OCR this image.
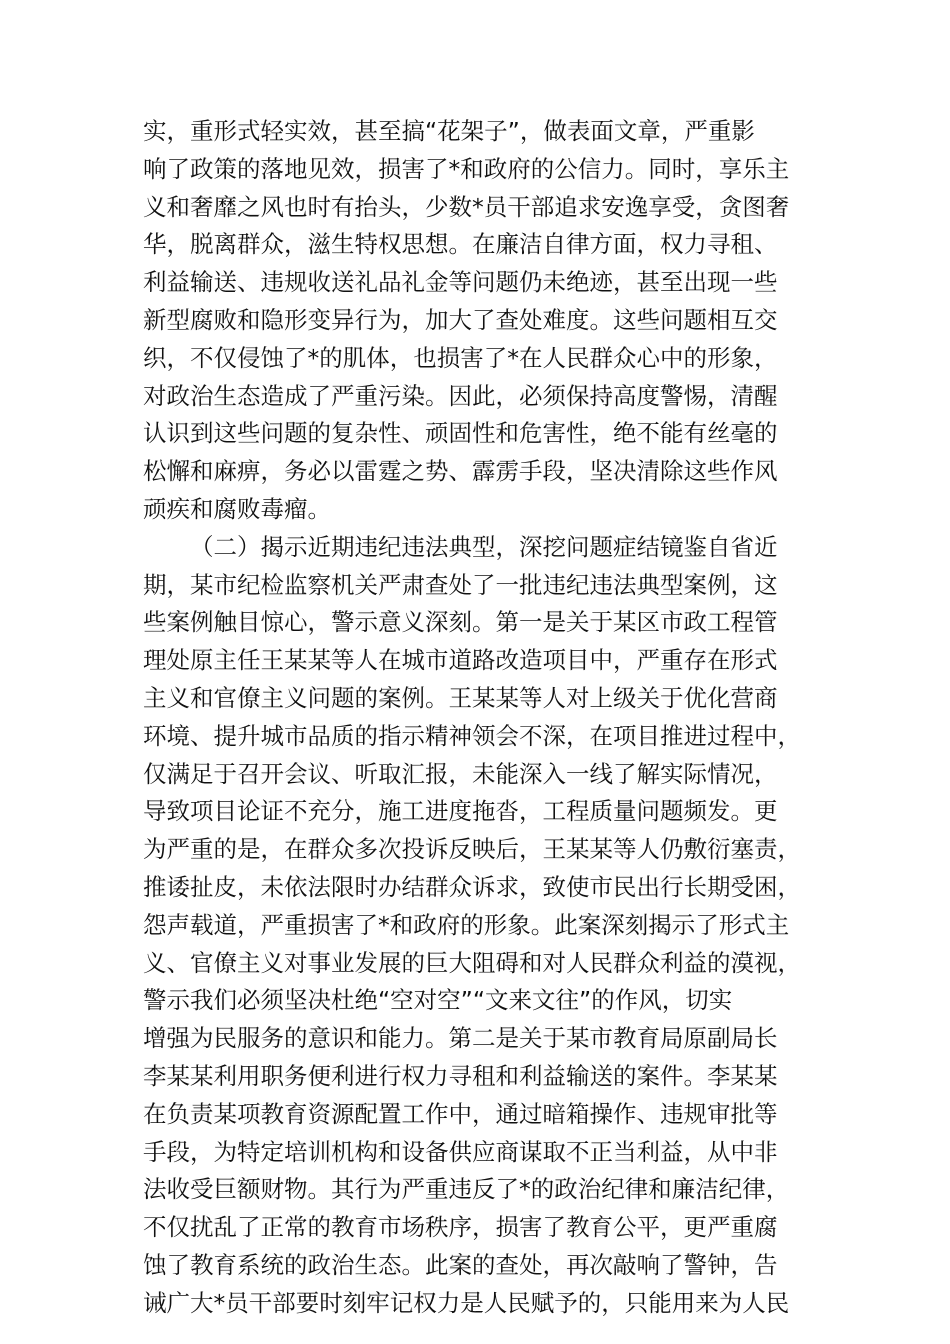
实，重形式轻实效，甚至搞“花架子”，做表面文章，严重影
响了政策的落地见效，损害了*和政府的公信力。同时，享乐主
义和奢靡之风也时有抬头，少数*员干部追求安逸享受，贪图奢
华，脱离群众，滋生特权思想。在廉洁自律方面，权力寻租、
利益输送、违规收送礼品礼金等问题仍未绝迹，甚至出现一些
新型腐败和隐形变异行为，加大了查处难度。这些问题相互交
织，不仅侵蚀了*的肌体，也损害了*在人民群众心中的形象，
对政治生态造成了严重污染。因此，必须保持高度警惕，清醒
认识到这些问题的复杂性、顽固性和危害性，绝不能有丝毫的
松懈和麻痹，务必以雷霆之势、霹雳手段，坚决清除这些作风
顽疾和腐败毒瘤。
（二）揭示近期违纪违法典型，深挖问题症结镜鉴自省近
期，某市纪检监察机关严肃查处了一批违纪违法典型案例，这
些案例触目惊心，警示意义深刻。第一是关于某区市政工程管
理处原主任王某某等人在城市道路改造项目中，严重存在形式
主义和官僚主义问题的案例。王某某等人对上级关于优化营商
环境、提升城市品质的指示精神领会不深，在项目推进过程中，
仅满足于召开会议、听取汇报，未能深入一线了解实际情况，
导致项目论证不充分，施工进度拖沓，工程质量问题频发。更
为严重的是，在群众多次投诉反映后，王某某等人仍敷衍塞责，
推诿扯皮，未依法限时办结群众诉求，致使市民出行长期受困，
怨声载道，严重损害了*和政府的形象。此案深刻揭示了形式主
义、官僚主义对事业发展的巨大阻碍和对人民群众利益的漠视，
警示我们必须坚决杜绝“空对空”“文来文往”的作风，切实
增强为民服务的意识和能力。第二是关于某市教育局原副局长
李某某利用职务便利进行权力寻租和利益输送的案件。李某某
在负责某项教育资源配置工作中，通过暗箱操作、违规审批等
手段，为特定培训机构和设备供应商谋取不正当利益，从中非
法收受巨额财物。其行为严重违反了*的政治纪律和廉洁纪律，
不仅扰乱了正常的教育市场秩序，损害了教育公平，更严重腐
蚀了教育系统的政治生态。此案的查处，再次敲响了警钟，告
诫广大*员干部要时刻牢记权力是人民赋予的，只能用来为人民
